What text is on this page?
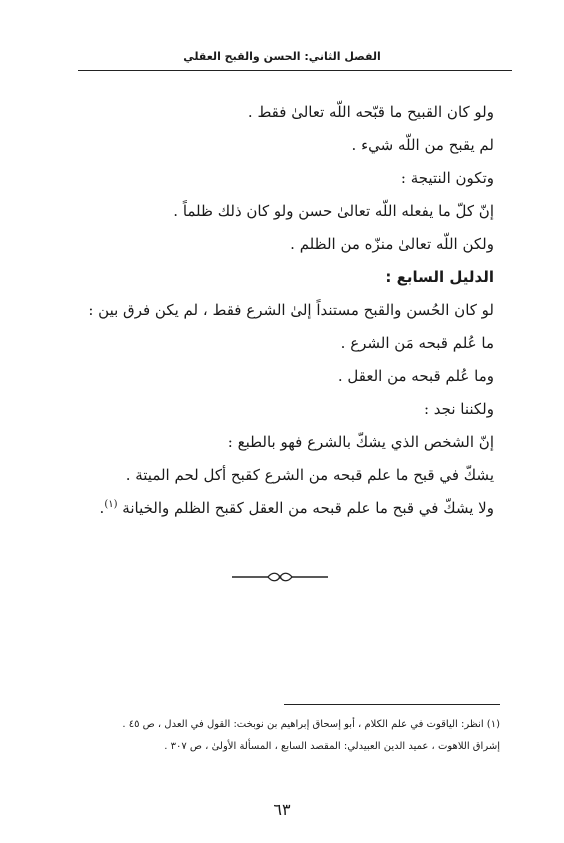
الفصل الثاني: الحسن والقبح العقلي
ولو كان القبيح ما قبّحه اللّه تعالىٰ فقط .
لم يقبح من اللّه شيء .
وتكون النتيجة :
إنّ كلّ ما يفعله اللّه تعالىٰ حسن ولو كان ذلك ظلماً .
ولكن اللّه تعالىٰ منزّه من الظلم .
الدليل السابع :
لو كان الحُسن والقبح مستنداً إلىٰ الشرع فقط ، لم يكن فرق بين :
ما عُلم قبحه مَن الشرع .
وما عُلم قبحه من العقل .
ولكننا نجد :
إنّ الشخص الذي يشكّ بالشرع فهو بالطبع :
يشكّ في قبح ما علم قبحه من الشرع كقبح أكل لحم الميتة .
ولا يشكّ في قبح ما علم قبحه من العقل كقبح الظلم والخيانة $^{(١)}$.
(١) انظر: الياقوت في علم الكلام ، أبو إسحاق إبراهيم بن نوبخت: القول في العدل ، ص ٤٥ .
إشراق اللاهوت ، عميد الدين العبيدلي: المقصد السابع ، المسألة الأولىٰ ، ص ٣٠٧ .
٦٣
